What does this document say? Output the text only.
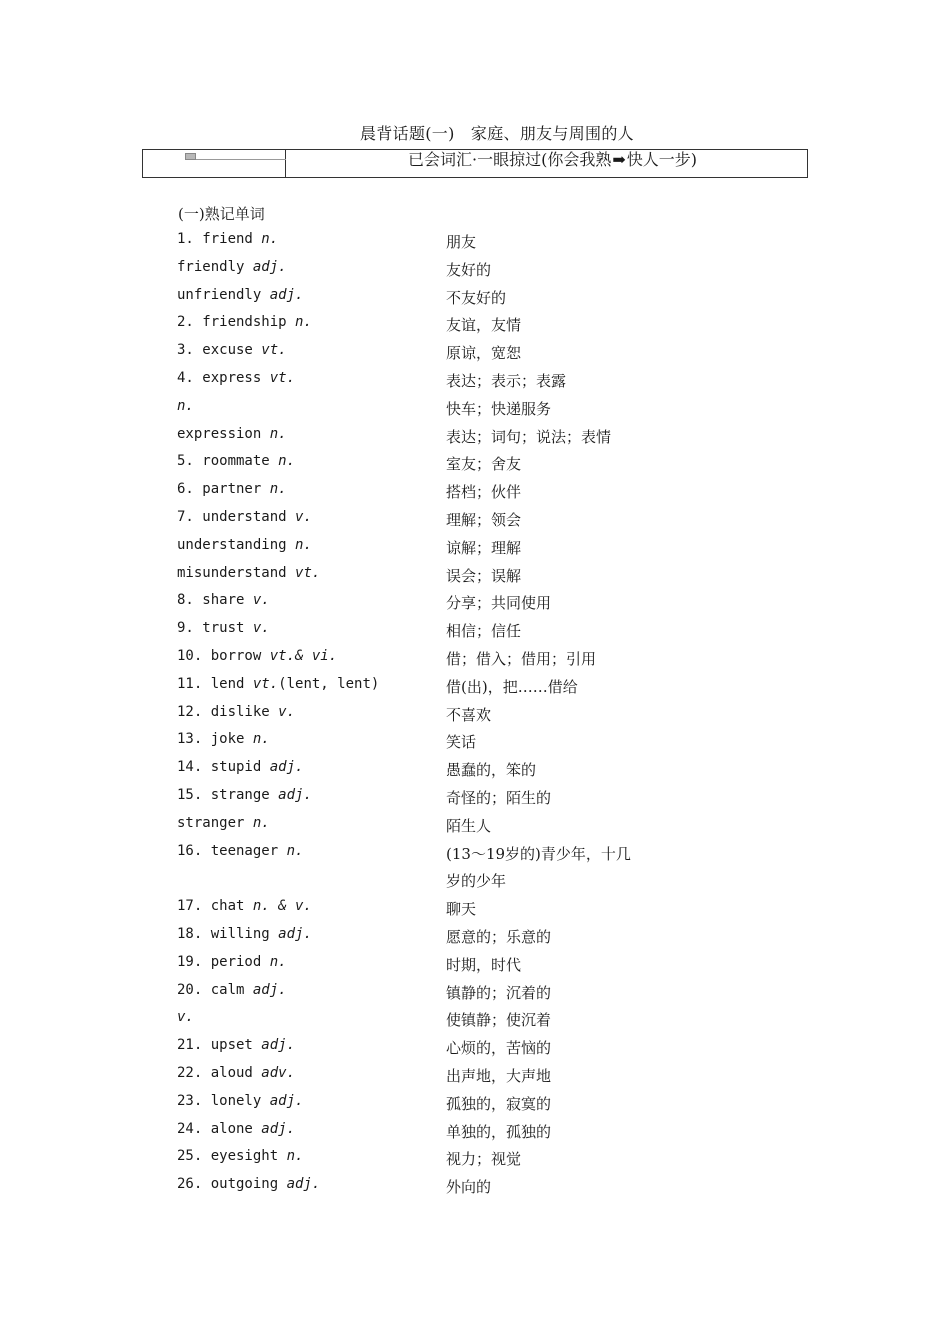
晨背话题(一)　家庭、朋友与周围的人
已会词汇·一眼掠过(你会我熟➡快人一步)
(一)熟记单词
1. friend n.	朋友
friendly adj.	友好的
unfriendly adj.	不友好的
2. friendship n.	友谊，友情
3. excuse vt.	原谅，宽恕
4. express vt.	表达；表示；表露
n.	快车；快递服务
expression n.	表达；词句；说法；表情
5. roommate n.	室友；舍友
6. partner n.	搭档；伙伴
7. understand v.	理解；领会
understanding n.	谅解；理解
misunderstand vt.	误会；误解
8. share v.	分享；共同使用
9. trust v.	相信；信任
10. borrow vt.& vi.	借；借入；借用；引用
11. lend vt.(lent, lent)	借(出)，把……借给
12. dislike v.	不喜欢
13. joke n.	笑话
14. stupid adj.	愚蠢的，笨的
15. strange adj.	奇怪的；陌生的
stranger n.	陌生人
16. teenager n.	(13～19岁的)青少年，十几
岁的少年
17. chat n. & v.	聊天
18. willing adj.	愿意的；乐意的
19. period n.	时期，时代
20. calm adj.	镇静的；沉着的
v.	使镇静；使沉着
21. upset adj.	心烦的，苦恼的
22. aloud adv.	出声地，大声地
23. lonely adj.	孤独的，寂寞的
24. alone adj.	单独的，孤独的
25. eyesight n.	视力；视觉
26. outgoing adj.	外向的
